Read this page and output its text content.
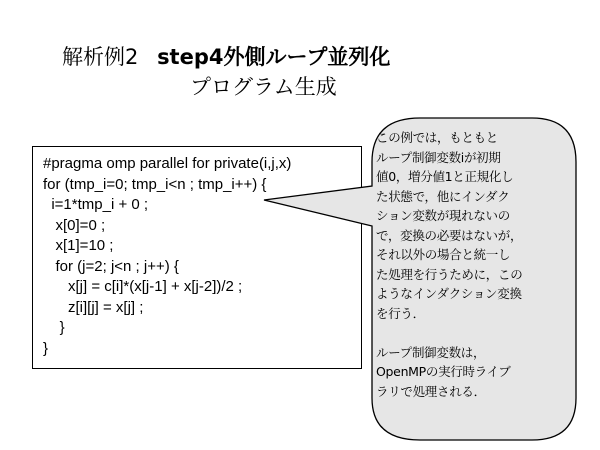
解析例2 step4外側ループ並列化
プログラム生成
#pragma omp parallel for private(i,j,x)
for (tmp_i=0; tmp_i<n ; tmp_i++) {
i=1*tmp_i + 0 ;
x[0]=0 ;
x[1]=10 ;
for (j=2; j<n ; j++) {
x[j] = c[i]*(x[j-1] + x[j-2])/2 ;
z[i][j] = x[j] ;
}
}
この例では，もともと
ループ制御変数iが初期
値0，増分値1と正規化し
た状態で，他にインダク
ション変数が現れないの
で，変換の必要はないが，
それ以外の場合と統一し
た処理を行うために，この
ようなインダクション変換
を行う．
ループ制御変数は，
OpenMPの実行時ライブ
ラリで処理される．
